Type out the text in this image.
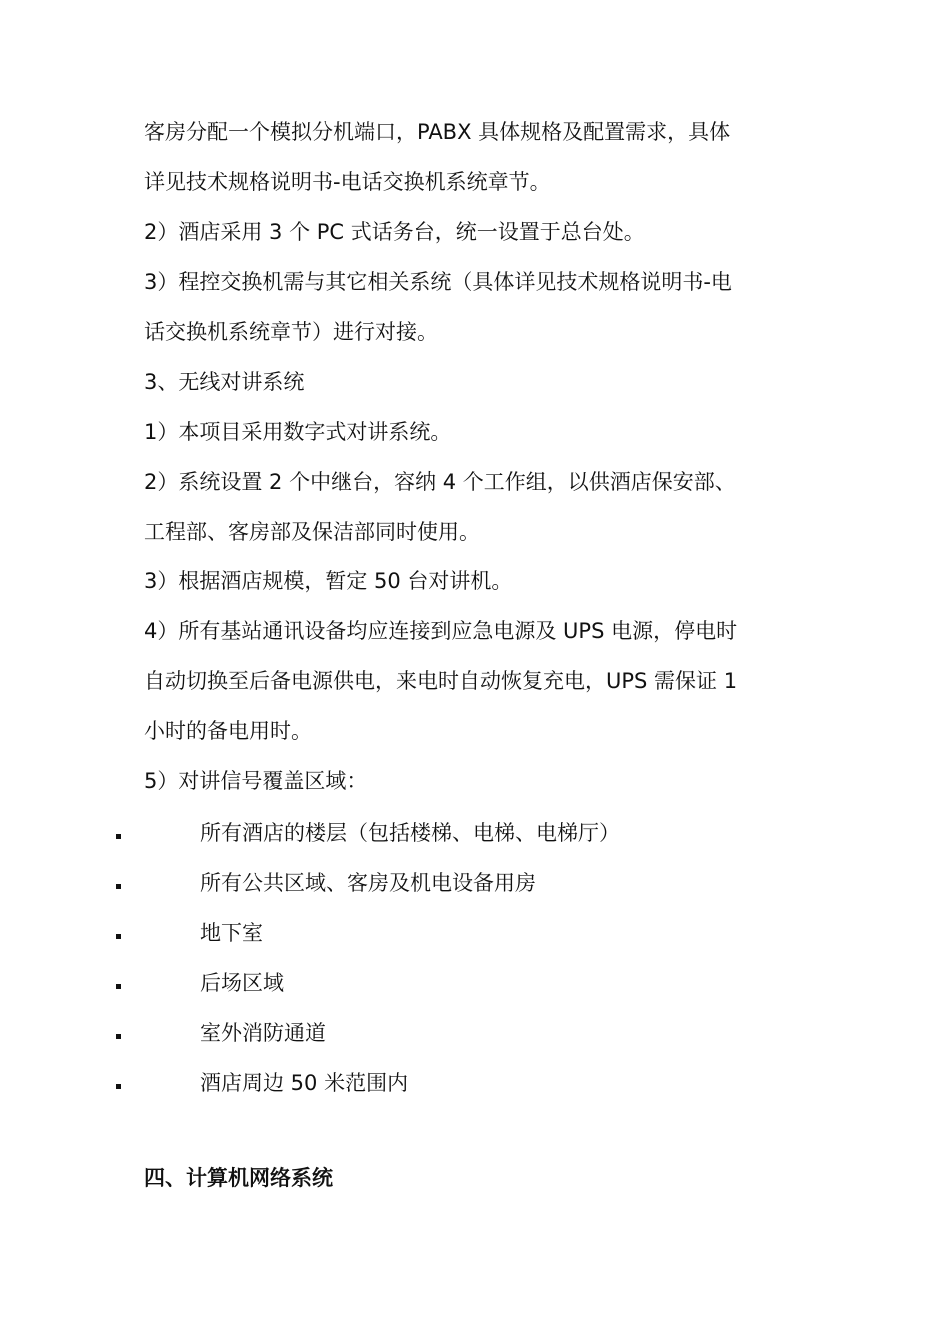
客房分配一个模拟分机端口，PABX 具体规格及配置需求，具体
详见技术规格说明书-电话交换机系统章节。
2）酒店采用 3 个 PC 式话务台，统一设置于总台处。
3）程控交换机需与其它相关系统（具体详见技术规格说明书-电
话交换机系统章节）进行对接。
3、无线对讲系统
1）本项目采用数字式对讲系统。
2）系统设置 2 个中继台，容纳 4 个工作组，以供酒店保安部、
工程部、客房部及保洁部同时使用。
3）根据酒店规模，暂定 50 台对讲机。
4）所有基站通讯设备均应连接到应急电源及 UPS 电源，停电时
自动切换至后备电源供电，来电时自动恢复充电，UPS 需保证 1
小时的备电用时。
5）对讲信号覆盖区域：
所有酒店的楼层（包括楼梯、电梯、电梯厅）
所有公共区域、客房及机电设备用房
地下室
后场区域
室外消防通道
酒店周边 50 米范围内
四、计算机网络系统
